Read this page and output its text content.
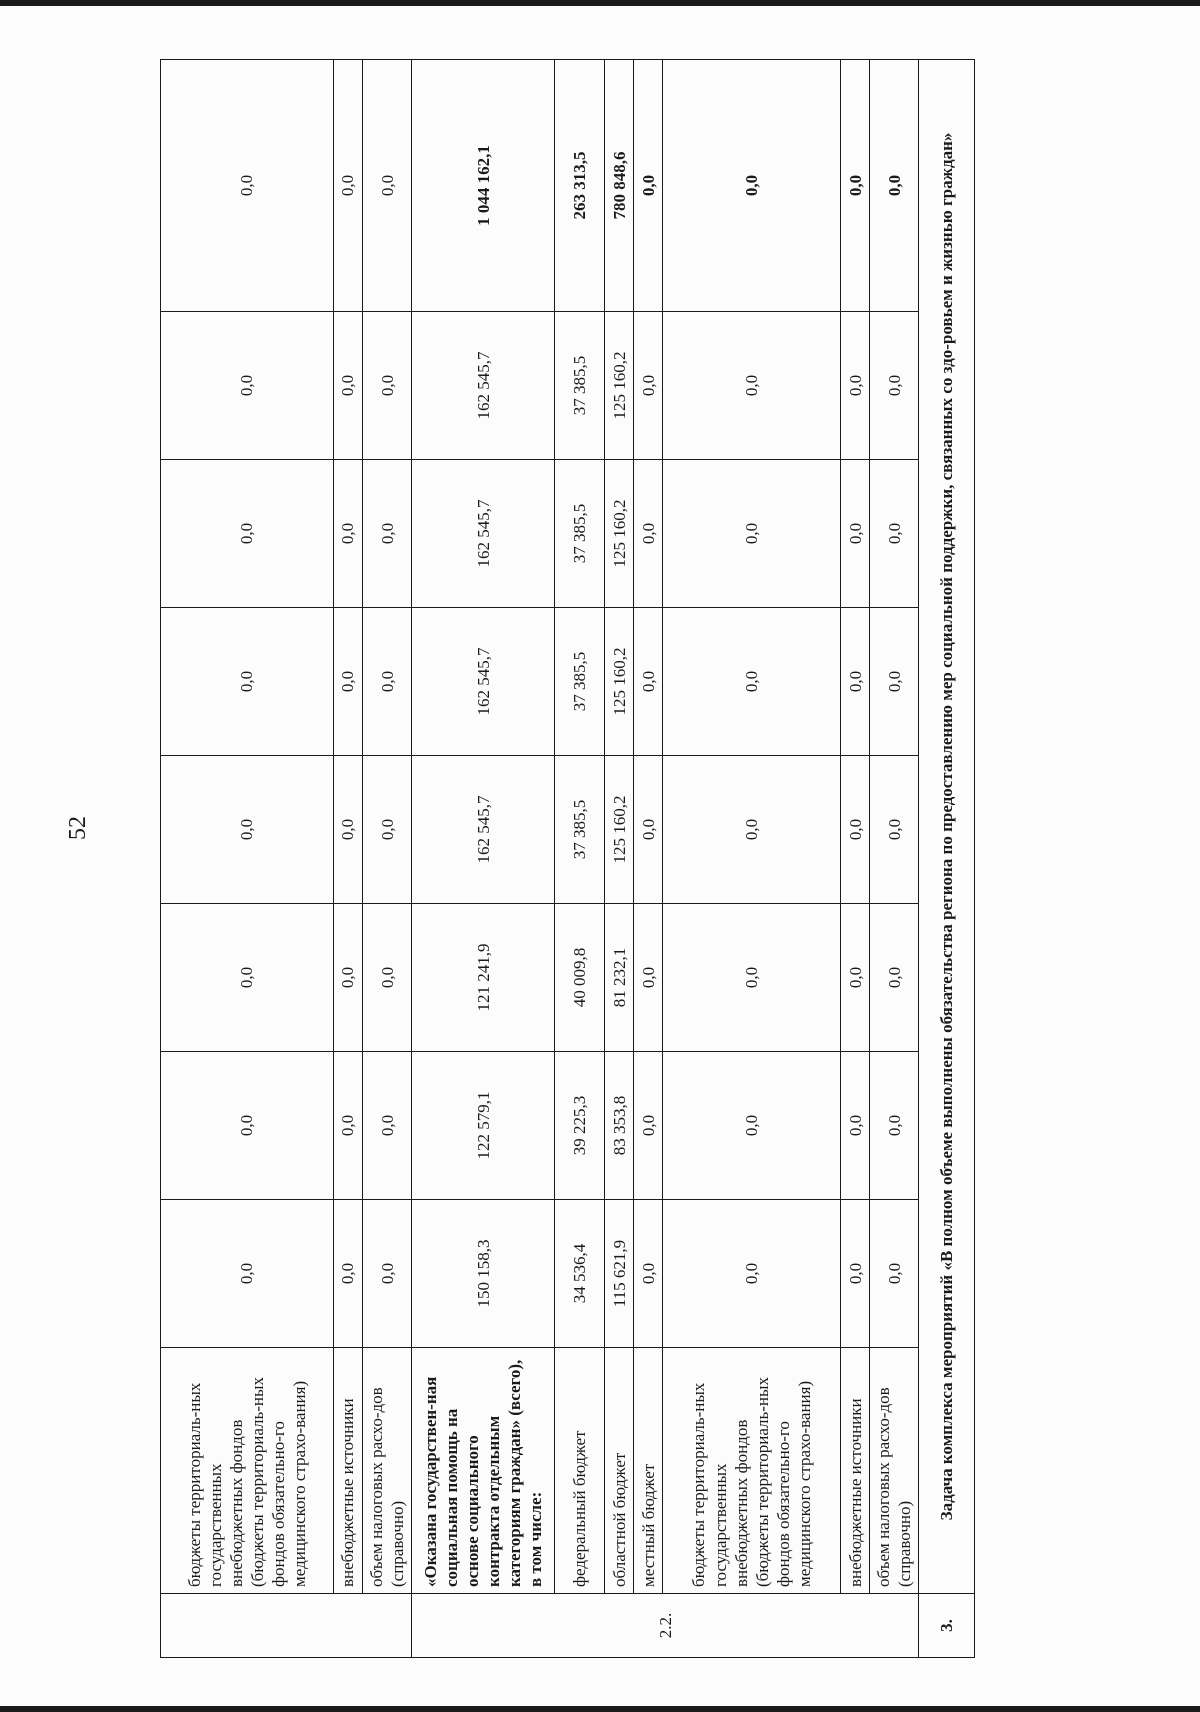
52
	бюджеты территориаль-ных государственных внебюджетных фондов (бюджеты территориаль-ных фондов обязательно-го медицинского страхо-вания)	0,0	0,0	0,0	0,0	0,0	0,0	0,0	0,0
	внебюджетные источники	0,0	0,0	0,0	0,0	0,0	0,0	0,0	0,0
	объем налоговых расхо-дов (справочно)	0,0	0,0	0,0	0,0	0,0	0,0	0,0	0,0
2.2.	«Оказана государствен-ная социальная помощь на основе социального контракта отдельным категориям граждан» (всего), в том числе:	150 158,3	122 579,1	121 241,9	162 545,7	162 545,7	162 545,7	162 545,7	1 044 162,1
	федеральный бюджет	34 536,4	39 225,3	40 009,8	37 385,5	37 385,5	37 385,5	37 385,5	263 313,5
	областной бюджет	115 621,9	83 353,8	81 232,1	125 160,2	125 160,2	125 160,2	125 160,2	780 848,6
	местный бюджет	0,0	0,0	0,0	0,0	0,0	0,0	0,0	0,0
	бюджеты территориаль-ных государственных внебюджетных фондов (бюджеты территориаль-ных фондов обязательно-го медицинского страхо-вания)	0,0	0,0	0,0	0,0	0,0	0,0	0,0	0,0
	внебюджетные источники	0,0	0,0	0,0	0,0	0,0	0,0	0,0	0,0
	объем налоговых расхо-дов (справочно)	0,0	0,0	0,0	0,0	0,0	0,0	0,0	0,0
3.	Задача комплекса мероприятий «В полном объеме выполнены обязательства региона по предоставлению мер социальной поддержки, связанных со здо-ровьем и жизнью граждан»								
